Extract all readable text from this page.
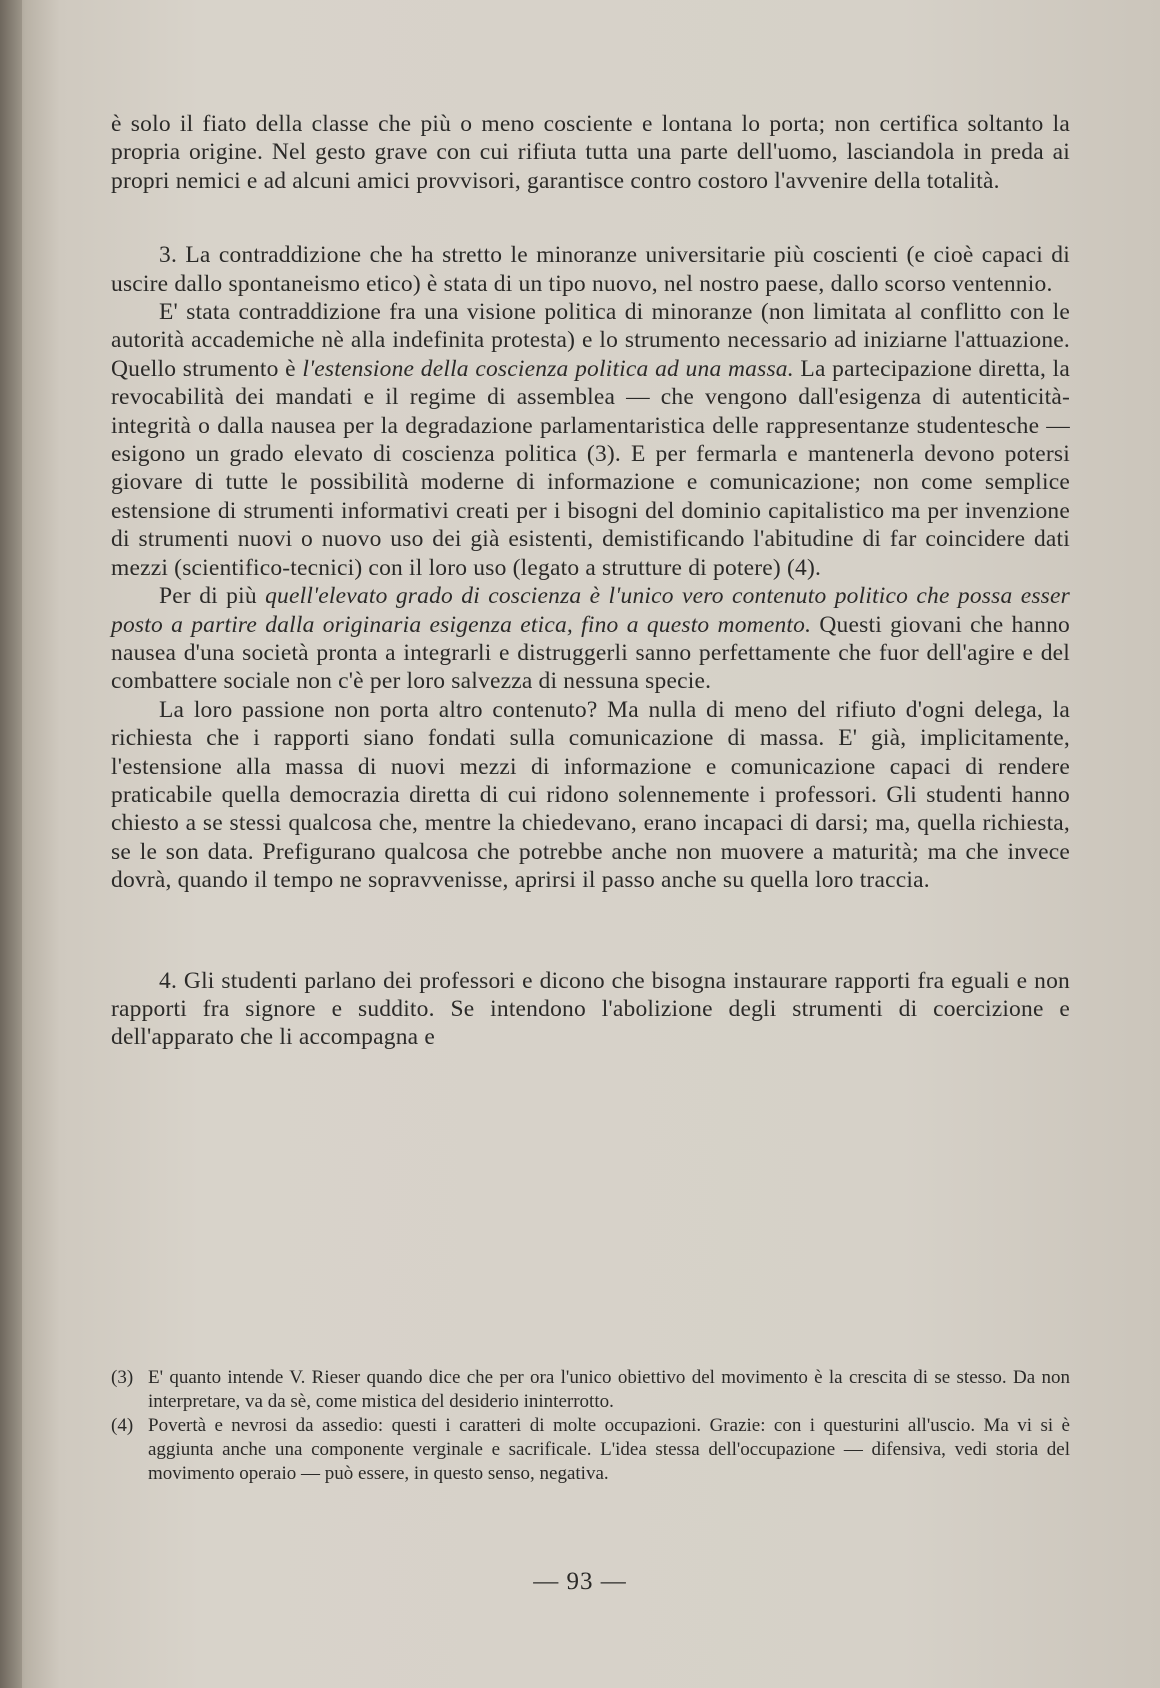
è solo il fiato della classe che più o meno cosciente e lontana lo porta; non certifica soltanto la propria origine. Nel gesto grave con cui rifiuta tutta una parte dell'uomo, lasciandola in preda ai propri nemici e ad alcuni amici provvisori, garantisce contro costoro l'avvenire della totalità.

3. La contraddizione che ha stretto le minoranze universitarie più coscienti (e cioè capaci di uscire dallo spontaneismo etico) è stata di un tipo nuovo, nel nostro paese, dallo scorso ventennio.

E' stata contraddizione fra una visione politica di minoranze (non limitata al conflitto con le autorità accademiche nè alla indefinita protesta) e lo strumento necessario ad iniziarne l'attuazione. Quello strumento è l'estensione della coscienza politica ad una massa. La partecipazione diretta, la revocabilità dei mandati e il regime di assemblea — che vengono dall'esigenza di autenticità-integrità o dalla nausea per la degradazione parlamentaristica delle rappresentanze studentesche — esigono un grado elevato di coscienza politica (3). E per fermarla e mantenerla devono potersi giovare di tutte le possibilità moderne di informazione e comunicazione; non come semplice estensione di strumenti informativi creati per i bisogni del dominio capitalistico ma per invenzione di strumenti nuovi o nuovo uso dei già esistenti, demistificando l'abitudine di far coincidere dati mezzi (scientifico-tecnici) con il loro uso (legato a strutture di potere) (4).

Per di più quell'elevato grado di coscienza è l'unico vero contenuto politico che possa esser posto a partire dalla originaria esigenza etica, fino a questo momento. Questi giovani che hanno nausea d'una società pronta a integrarli e distruggerli sanno perfettamente che fuor dell'agire e del combattere sociale non c'è per loro salvezza di nessuna specie.

La loro passione non porta altro contenuto? Ma nulla di meno del rifiuto d'ogni delega, la richiesta che i rapporti siano fondati sulla comunicazione di massa. E' già, implicitamente, l'estensione alla massa di nuovi mezzi di informazione e comunicazione capaci di rendere praticabile quella democrazia diretta di cui ridono solennemente i professori. Gli studenti hanno chiesto a se stessi qualcosa che, mentre la chiedevano, erano incapaci di darsi; ma, quella richiesta, se le son data. Prefigurano qualcosa che potrebbe anche non muovere a maturità; ma che invece dovrà, quando il tempo ne sopravvenisse, aprirsi il passo anche su quella loro traccia.

4. Gli studenti parlano dei professori e dicono che bisogna instaurare rapporti fra eguali e non rapporti fra signore e suddito. Se intendono l'abolizione degli strumenti di coercizione e dell'apparato che li accompagna e

(3) E' quanto intende V. Rieser quando dice che per ora l'unico obiettivo del movimento è la crescita di se stesso. Da non interpretare, va da sè, come mistica del desiderio ininterrotto.
(4) Povertà e nevrosi da assedio: questi i caratteri di molte occupazioni. Grazie: con i questurini all'uscio. Ma vi si è aggiunta anche una componente verginale e sacrificale. L'idea stessa dell'occupazione — difensiva, vedi storia del movimento operaio — può essere, in questo senso, negativa.
— 93 —
